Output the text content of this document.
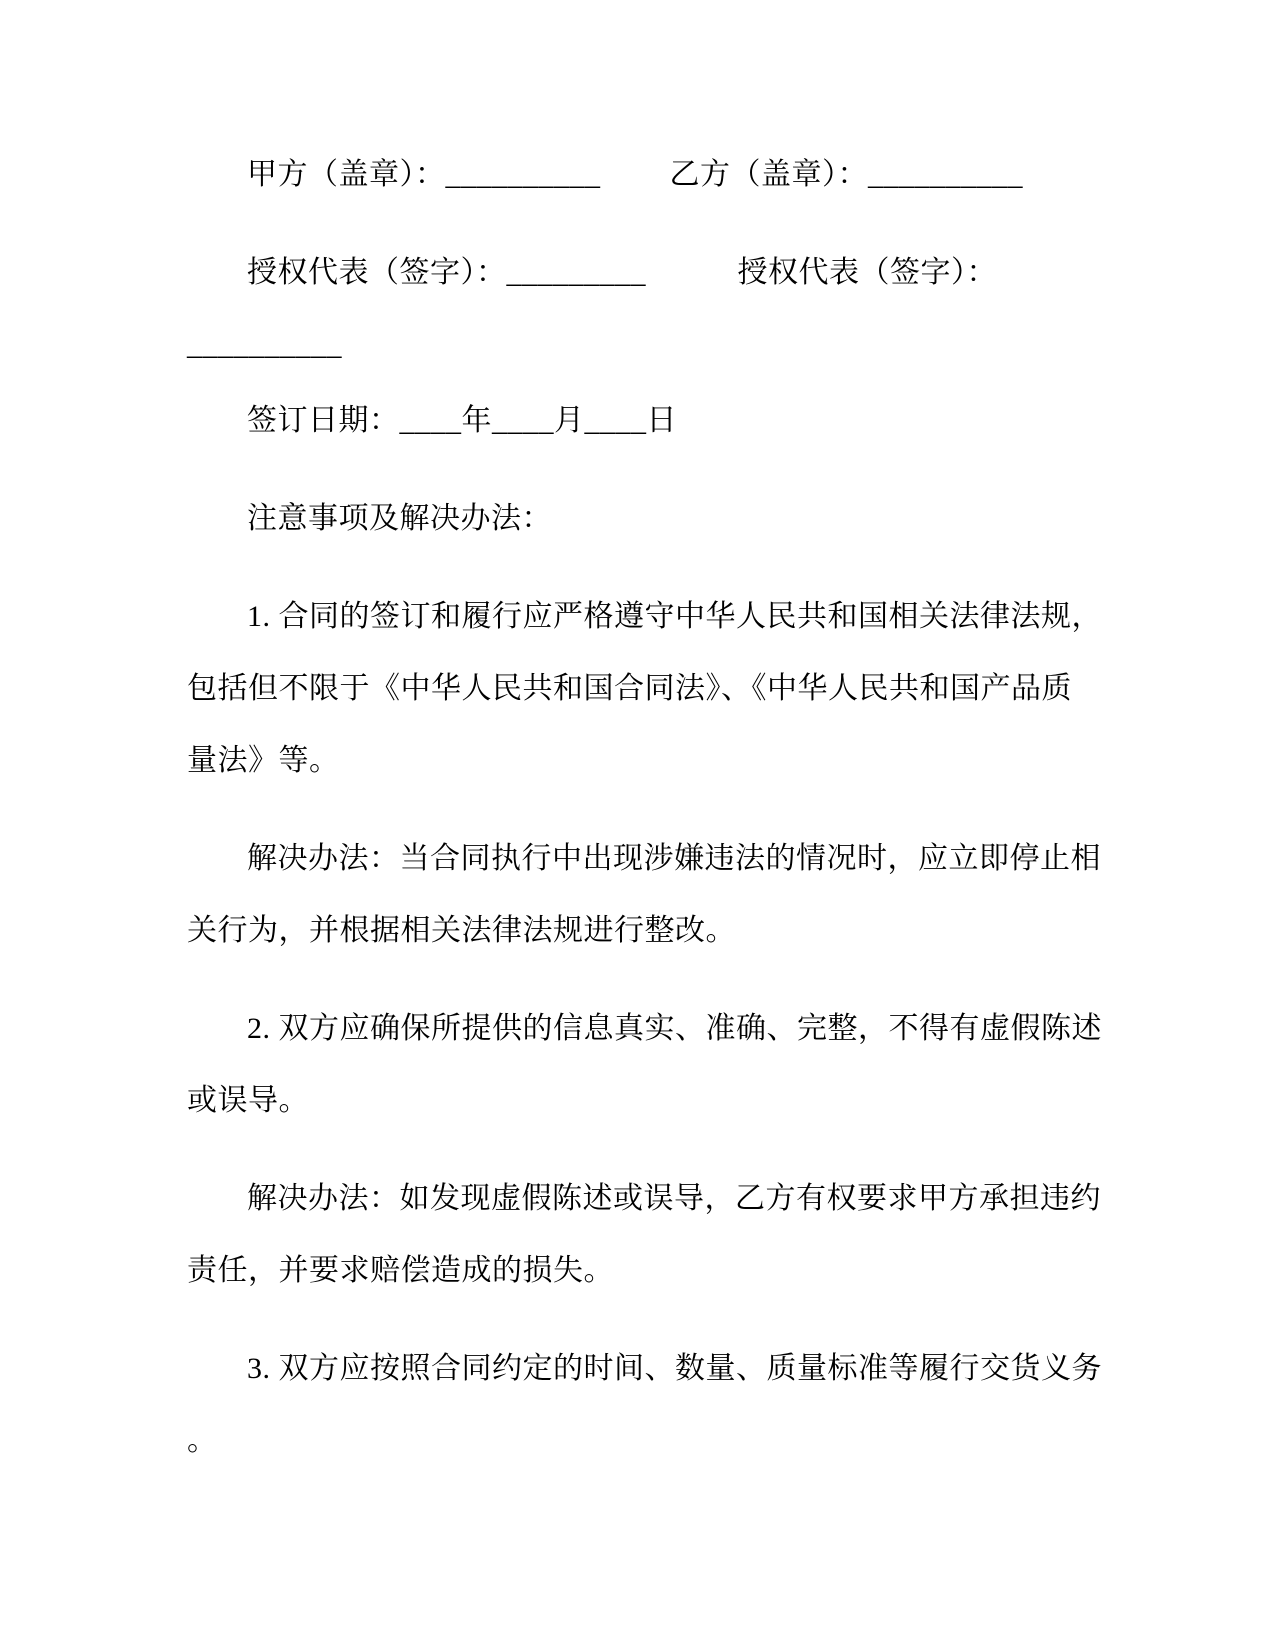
甲方（盖章）：__________　　 乙方（盖章）：__________

授权代表（签字）：_________　　　授权代表（签字）：

__________

签订日期：____年____月____日

注意事项及解决办法：

1. 合同的签订和履行应严格遵守中华人民共和国相关法律法规，

包括但不限于《中华人民共和国合同法》、《中华人民共和国产品质

量法》等。

解决办法：当合同执行中出现涉嫌违法的情况时，应立即停止相

关行为，并根据相关法律法规进行整改。

2. 双方应确保所提供的信息真实、准确、完整，不得有虚假陈述

或误导。

解决办法：如发现虚假陈述或误导，乙方有权要求甲方承担违约

责任，并要求赔偿造成的损失。

3. 双方应按照合同约定的时间、数量、质量标准等履行交货义务

。
